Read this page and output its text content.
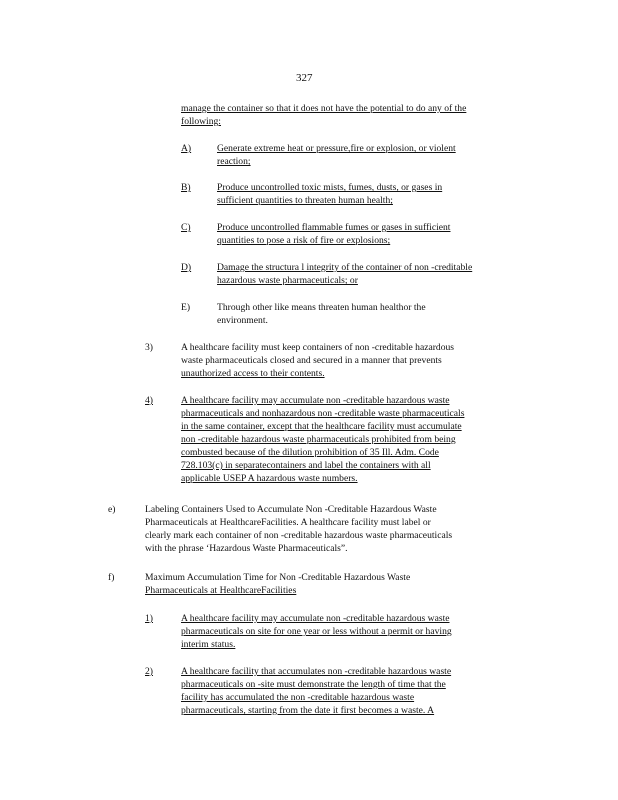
327
manage the container so that it does not have the potential to do any of the
following:
A)	Generate extreme heat or pressure,fire or explosion, or violent
reaction;
B)	Produce uncontrolled toxic mists, fumes, dusts, or gases in
sufficient quantities to threaten human health;
C)	Produce uncontrolled flammable fumes or gases in sufficient
quantities to pose a risk of fire or explosions;
D)	Damage the structura l integrity of the container of non -creditable
hazardous waste pharmaceuticals; or
E)	Through other like means threaten human healthor the
environment.
3)	A healthcare facility must keep containers of non -creditable hazardous
waste pharmaceuticals closed and secured in a manner that prevents
unauthorized access to their contents.
4)	A healthcare facility may accumulate non -creditable hazardous waste
pharmaceuticals and nonhazardous non -creditable waste pharmaceuticals
in the same container, except that the healthcare facility must accumulate
non -creditable hazardous waste pharmaceuticals prohibited from being
combusted because of the dilution prohibition of 35 Ill. Adm. Code
728.103(c) in separatecontainers and label the containers with all
applicable USEP A hazardous waste numbers.
e)	Labeling Containers Used to Accumulate Non -Creditable Hazardous Waste
Pharmaceuticals at HealthcareFacilities. A healthcare facility must label or
clearly mark each container of non -creditable hazardous waste pharmaceuticals
with the phrase ‘Hazardous Waste Pharmaceuticals”.
f)	Maximum Accumulation Time for Non -Creditable Hazardous Waste
Pharmaceuticals at HealthcareFacilities
1)	A healthcare facility may accumulate non -creditable hazardous waste
pharmaceuticals on site for one year or less without a permit or having
interim status.
2)	A healthcare facility that accumulates non -creditable hazardous waste
pharmaceuticals on -site must demonstrate the length of time that the
facility has accumulated the non -creditable hazardous waste
pharmaceuticals, starting from the date it first becomes a waste. A
